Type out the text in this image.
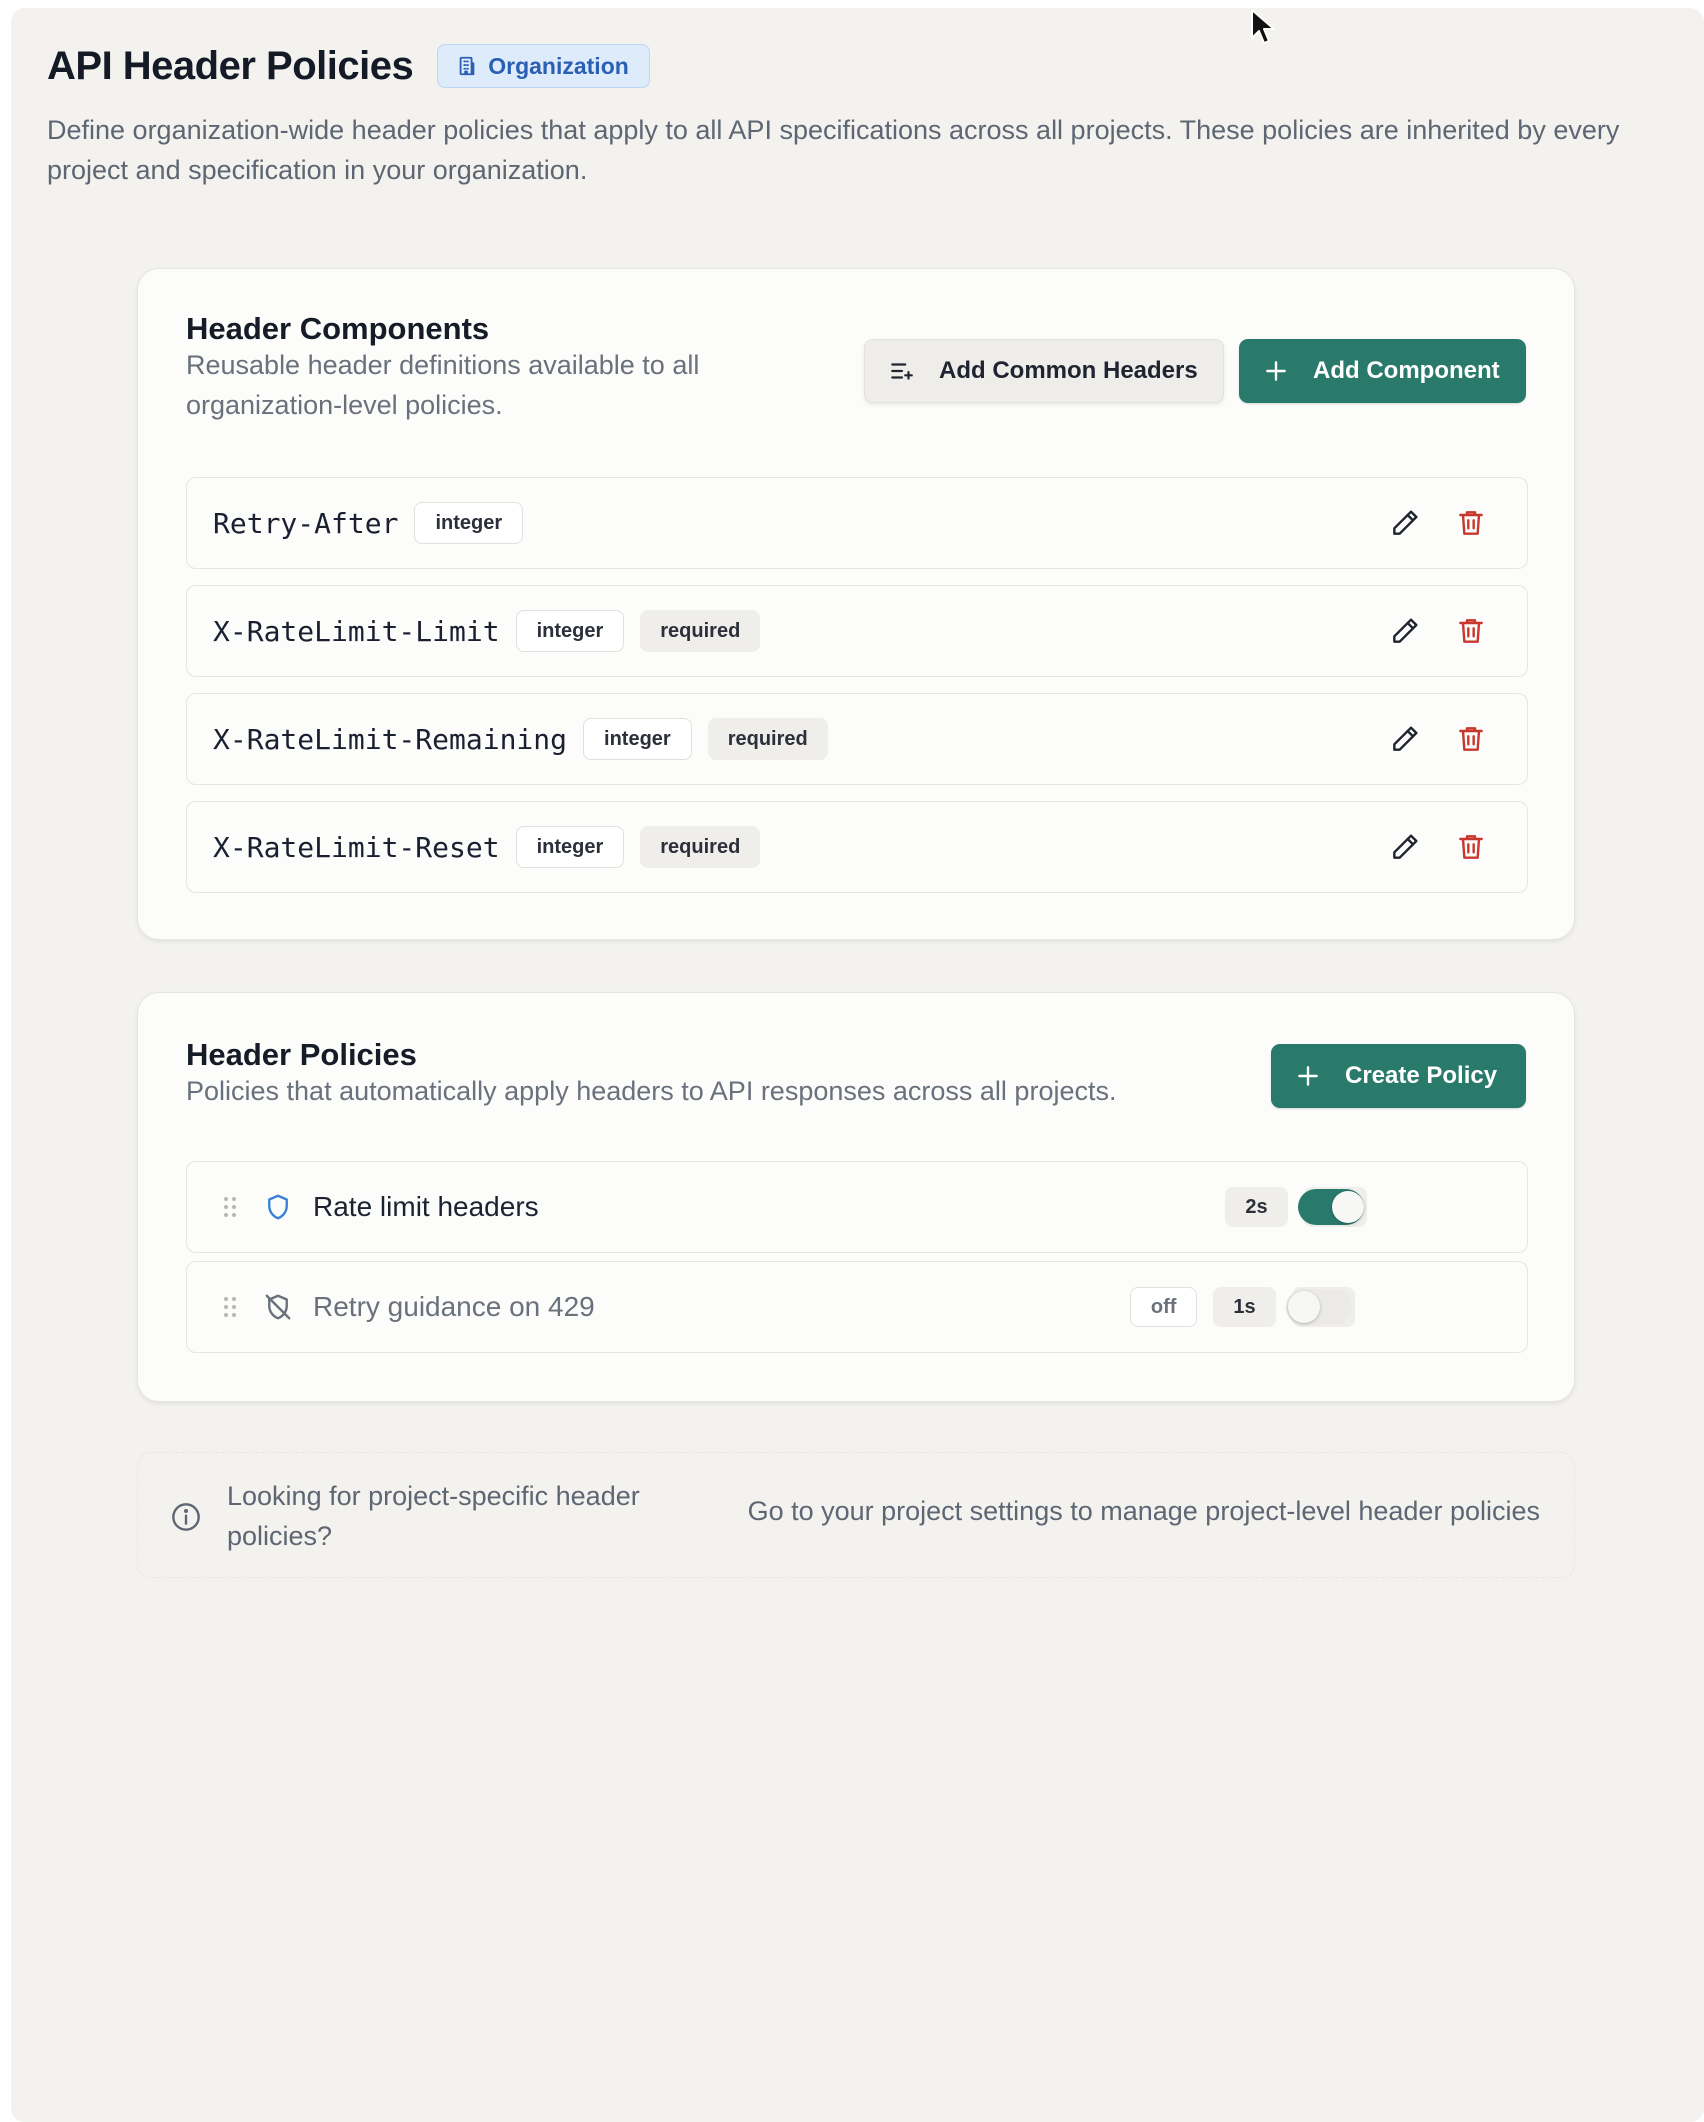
API Header Policies	Organization

Define organization-wide header policies that apply to all API specifications across all projects. These policies are inherited by every project and specification in your organization.

Header Components

Reusable header definitions available to all organization-level policies.

Add Common Headers	Add Component
Retry-After	integer
X-RateLimit-Limit	integer	required
X-RateLimit-Remaining	integer	required
X-RateLimit-Reset	integer	required
Header Policies

Policies that automatically apply headers to API responses across all projects.

Create Policy
Rate limit headers	2s
Retry guidance on 429	off	1s

Looking for project-specific header policies?

Go to your project settings to manage project-level header policies
